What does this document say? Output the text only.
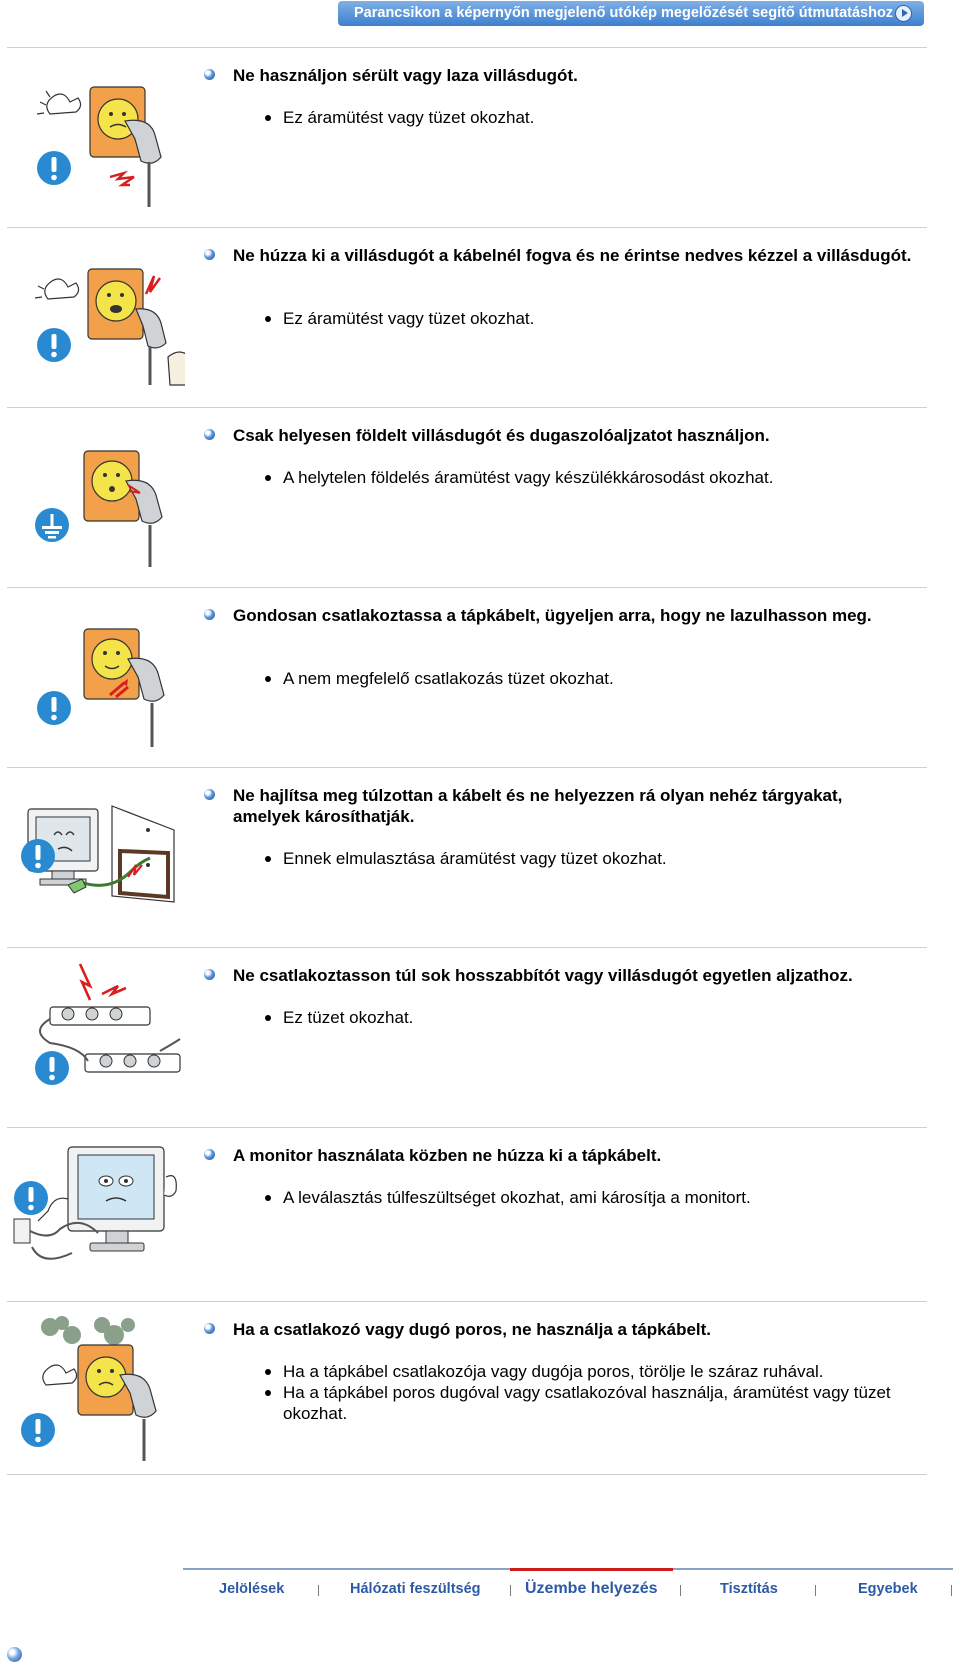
Parancsikon a képernyőn megjelenő utókép megelőzését segítő útmutatáshoz
Ne használjon sérült vagy laza villásdugót.
Ez áramütést vagy tüzet okozhat.
Ne húzza ki a villásdugót a kábelnél fogva és ne érintse nedves kézzel a villásdugót.
Ez áramütést vagy tüzet okozhat.
Csak helyesen földelt villásdugót és dugaszolóaljzatot használjon.
A helytelen földelés áramütést vagy készülékkárosodást okozhat.
Gondosan csatlakoztassa a tápkábelt, ügyeljen arra, hogy ne lazulhasson meg.
A nem megfelelő csatlakozás tüzet okozhat.
Ne hajlítsa meg túlzottan a kábelt és ne helyezzen rá olyan nehéz tárgyakat, amelyek károsíthatják.
Ennek elmulasztása áramütést vagy tüzet okozhat.
Ne csatlakoztasson túl sok hosszabbítót vagy villásdugót egyetlen aljzathoz.
Ez tüzet okozhat.
A monitor használata közben ne húzza ki a tápkábelt.
A leválasztás túlfeszültséget okozhat, ami károsítja a monitort.
Ha a csatlakozó vagy dugó poros, ne használja a tápkábelt.
Ha a tápkábel csatlakozója vagy dugója poros, törölje le száraz ruhával.
Ha a tápkábel poros dugóval vagy csatlakozóval használja, áramütést vagy tüzet okozhat.
Jelölések	Hálózati feszültség	Üzembe helyezés	Tisztítás	Egyebek
